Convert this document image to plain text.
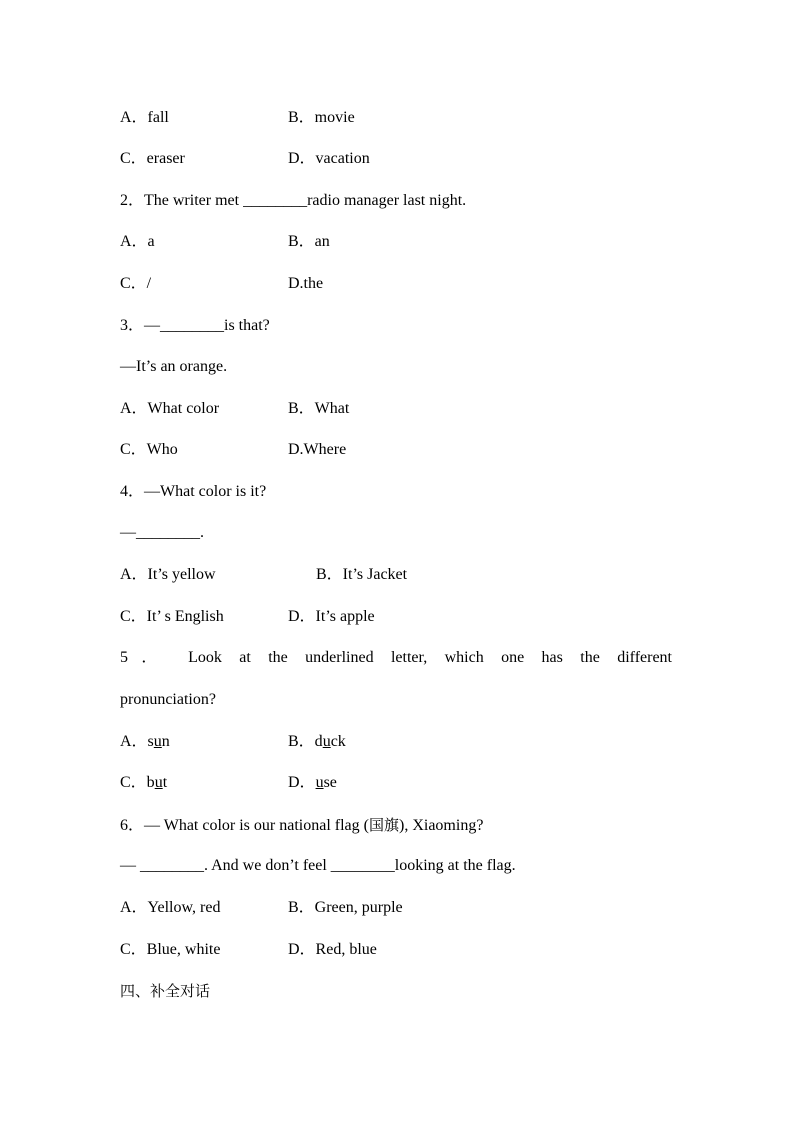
A．fall	B．movie
C．eraser	D．vacation
2．The writer met ________radio manager last night.
A．a	B．an
C．/	D.the
3．—________is that?
—It’s an orange.
A．What color	B．What
C．Who	D.Where
4．—What color is it?
—________.
A．It’s yellow	B．It’s Jacket
C．It’ s English	D．It’s apple
5． Look at the underlined letter, which one has the different
pronunciation?
A．sun	B．duck
C．but	D．use
6．— What color is our national flag (国旗), Xiaoming?
— ________. And we don’t feel ________looking at the flag.
A．Yellow, red	B．Green, purple
C．Blue, white	D．Red, blue
四、补全对话
